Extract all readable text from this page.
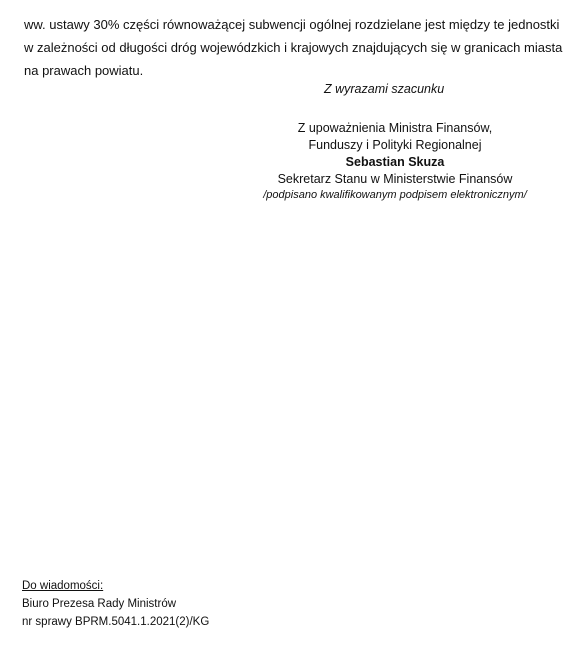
ww. ustawy 30% części równoważącej subwencji ogólnej rozdzielane jest między te jednostki
w zależności od długości dróg wojewódzkich i krajowych znajdujących się w granicach miasta
na prawach powiatu.
Z wyrazami szacunku
Z upoważnienia Ministra Finansów,
Funduszy i Polityki Regionalnej
Sebastian Skuza
Sekretarz Stanu w Ministerstwie Finansów
/podpisano kwalifikowanym podpisem elektronicznym/
Do wiadomości:
Biuro Prezesa Rady Ministrów
nr sprawy BPRM.5041.1.2021(2)/KG
